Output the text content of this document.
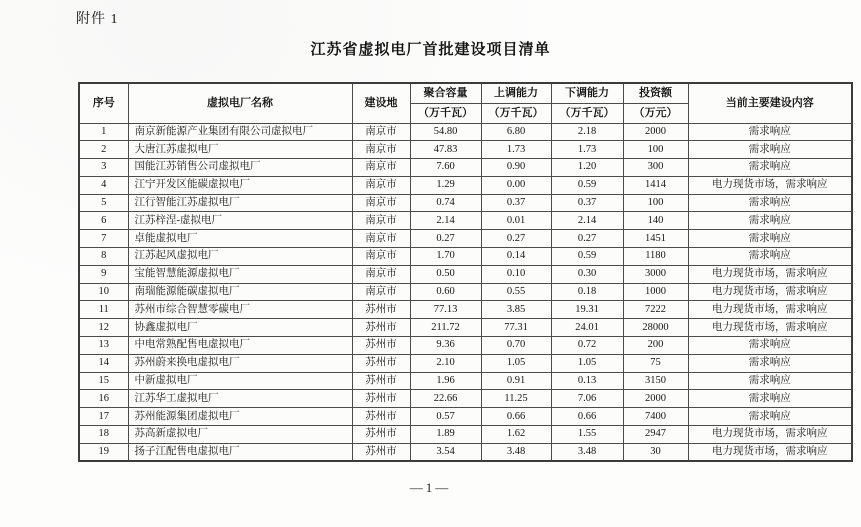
附件 1
江苏省虚拟电厂首批建设项目清单
序号	虚拟电厂名称	建设地	聚合容量	上调能力	下调能力	投资额	当前主要建设内容
			（万千瓦）	（万千瓦）	（万千瓦）	（万元）	
1	南京新能源产业集团有限公司虚拟电厂	南京市	54.80	6.80	2.18	2000	需求响应
2	大唐江苏虚拟电厂	南京市	47.83	1.73	1.73	100	需求响应
3	国能江苏销售公司虚拟电厂	南京市	7.60	0.90	1.20	300	需求响应
4	江宁开发区能碳虚拟电厂	南京市	1.29	0.00	0.59	1414	电力现货市场，需求响应
5	江行智能江苏虚拟电厂	南京市	0.74	0.37	0.37	100	需求响应
6	江苏梓涅-虚拟电厂	南京市	2.14	0.01	2.14	140	需求响应
7	卓能虚拟电厂	南京市	0.27	0.27	0.27	1451	需求响应
8	江苏起风虚拟电厂	南京市	1.70	0.14	0.59	1180	需求响应
9	宝能智慧能源虚拟电厂	南京市	0.50	0.10	0.30	3000	电力现货市场，需求响应
10	南瑞能源能碳虚拟电厂	南京市	0.60	0.55	0.18	1000	电力现货市场，需求响应
11	苏州市综合智慧零碳电厂	苏州市	77.13	3.85	19.31	7222	电力现货市场，需求响应
12	协鑫虚拟电厂	苏州市	211.72	77.31	24.01	28000	电力现货市场，需求响应
13	中电常熟配售电虚拟电厂	苏州市	9.36	0.70	0.72	200	需求响应
14	苏州蔚来换电虚拟电厂	苏州市	2.10	1.05	1.05	75	需求响应
15	中新虚拟电厂	苏州市	1.96	0.91	0.13	3150	需求响应
16	江苏华工虚拟电厂	苏州市	22.66	11.25	7.06	2000	需求响应
17	苏州能源集团虚拟电厂	苏州市	0.57	0.66	0.66	7400	需求响应
18	苏高新虚拟电厂	苏州市	1.89	1.62	1.55	2947	电力现货市场，需求响应
19	扬子江配售电虚拟电厂	苏州市	3.54	3.48	3.48	30	电力现货市场，需求响应
—1—
